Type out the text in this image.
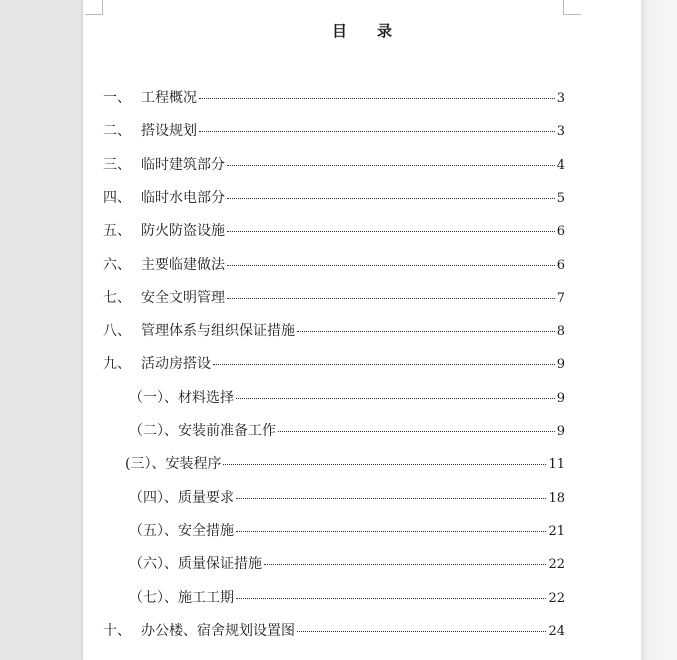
目 录
一、 工程概况	3
二、 搭设规划	3
三、 临时建筑部分	4
四、 临时水电部分	5
五、 防火防盗设施	6
六、 主要临建做法	6
七、 安全文明管理	7
八、 管理体系与组织保证措施	8
九、 活动房搭设	9
（一）、材料选择	9
（二）、安装前准备工作	9
(三）、安装程序	11
（四）、质量要求	18
（五）、安全措施	21
（六）、质量保证措施	22
（七）、施工工期	22
十、 办公楼、宿舍规划设置图	24
